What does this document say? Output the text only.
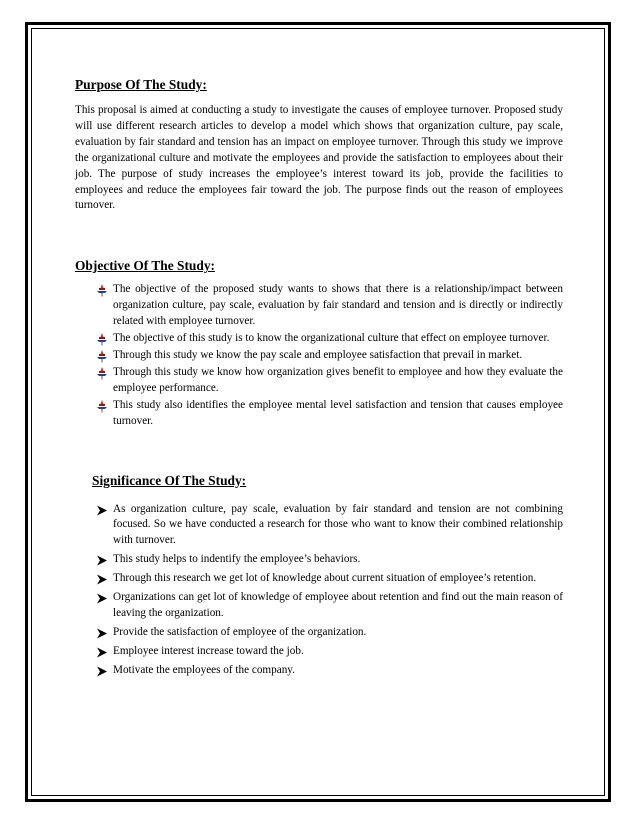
Purpose Of The Study:

This proposal is aimed at conducting a study to investigate the causes of employee turnover. Proposed study will use different research articles to develop a model which shows that organization culture, pay scale, evaluation by fair standard and tension has an impact on employee turnover. Through this study we improve the organizational culture and motivate the employees and provide the satisfaction to employees about their job. The purpose of study increases the employee’s interest toward its job, provide the facilities to employees and reduce the employees fair toward the job. The purpose finds out the reason of employees turnover.

Objective Of The Study:
The objective of the proposed study wants to shows that there is a relationship/impact between organization culture, pay scale, evaluation by fair standard and tension and is directly or indirectly related with employee turnover.
The objective of this study is to know the organizational culture that effect on employee turnover.
Through this study we know the pay scale and employee satisfaction that prevail in market.
Through this study we know how organization gives benefit to employee and how they evaluate the employee performance.
This study also identifies the employee mental level satisfaction and tension that causes employee turnover.
Significance Of The Study:
As organization culture, pay scale, evaluation by fair standard and tension are not combining focused. So we have conducted a research for those who want to know their combined relationship with turnover.
This study helps to indentify the employee’s behaviors.
Through this research we get lot of knowledge about current situation of employee’s retention.
Organizations can get lot of knowledge of employee about retention and find out the main reason of leaving the organization.
Provide the satisfaction of employee of the organization.
Employee interest increase toward the job.
Motivate the employees of the company.
